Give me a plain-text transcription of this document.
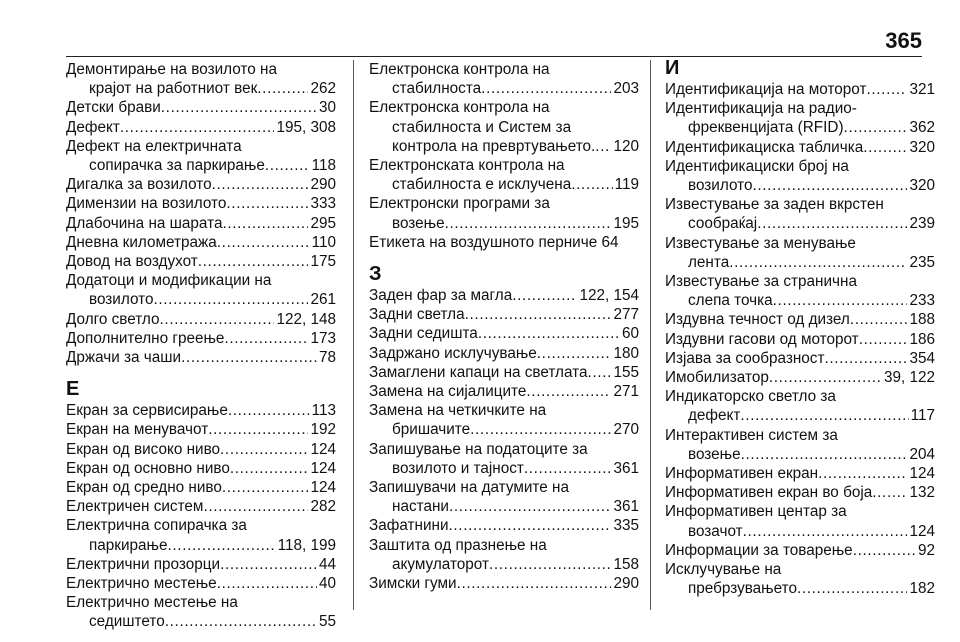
365
Демонтирање на возилото на
крајот на работниот век . . .	262
Детски брави . . .	30
Дефект . . .	195, 308
Дефект на електричната
сопирачка за паркирање . . .	118
Дигалка за возилото . . .	290
Димензии на возилото . . .	333
Длабочина на шарата . . .	295
Дневна километража . . .	110
Довод на воздухот . . .	175
Додатоци и модификации на
возилото . . .	261
Долго светло . . .	122, 148
Дополнително греење . . .	173
Држачи за чаши . . .	78
Е
Екран за сервисирање . . .	113
Екран на менувачот . . .	192
Екран од високо ниво . . .	124
Екран од основно ниво . . .	124
Екран од средно ниво . . .	124
Електричен систем . . .	282
Електрична сопирачка за
паркирање . . .	118, 199
Електрични прозорци . . .	44
Електрично местење . . .	40
Електрично местење на
седиштето . . .	55
Електронска контрола на
стабилноста . . .	203
Електронска контрола на
стабилноста и Систем за
контрола на превртувањето. . . . 120
Електронската контрола на
стабилноста е исклучена . . .	119
Електронски програми за
возење . . .	195
Етикета на воздушното перниче 64
З
Заден фар за магла . . .	122, 154
Задни светла . . .	277
Задни седишта . . .	60
Задржано исклучување . . .	180
Замаглени капаци на светлата . . . 155
Замена на сијалиците . . .	271
Замена на четкичките на
бришачите . . .	270
Запишување на податоците за
возилото и тајност . . .	361
Запишувачи на датумите на
настани . . .	361
Зафатнини . . .	335
Заштита од празнење на
акумулаторот . . .	158
Зимски гуми . . .	290
И
Идентификација на моторот . . .	321
Идентификација на радио-
фреквенцијата (RFID) . . .	362
Идентификациска табличка . . .	320
Идентификациски број на
возилото . . .	320
Известување за заден вкрстен
сообраќај . . .	239
Известување за менување
лента . . .	235
Известување за странична
слепа точка . . .	233
Издувна течност од дизел . . .	188
Издувни гасови од моторот . . .	186
Изјава за сообразност . . .	354
Имобилизатор . . .	39, 122
Индикаторско светло за
дефект . . .	117
Интерактивен систем за
возење . . .	204
Информативен екран . . .	124
Информативен екран во боја . . . 132
Информативен центар за
возачот . . .	124
Информации за товарење . . .	92
Исклучување на
пребрзувањето . . .	182
